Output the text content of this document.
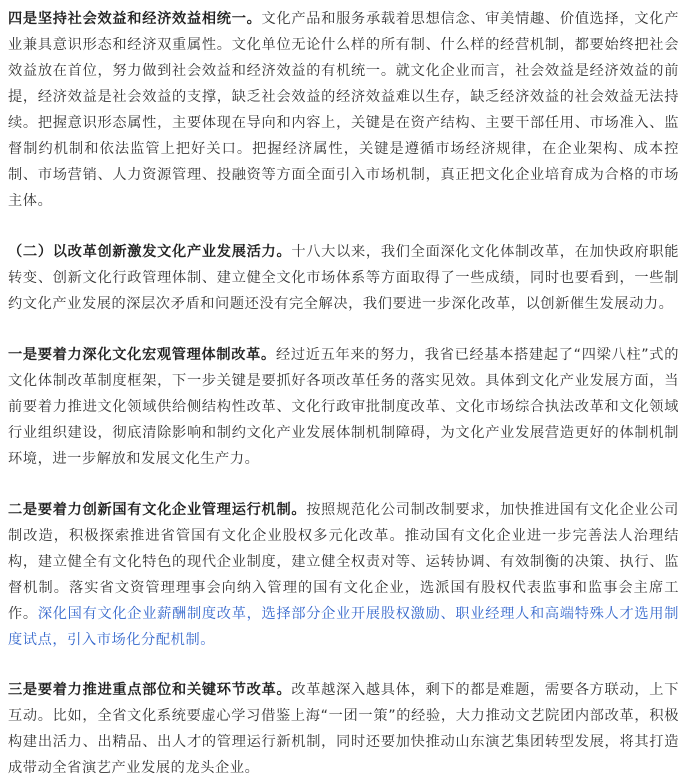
四是坚持社会效益和经济效益相统一。文化产品和服务承载着思想信念、审美情趣、价值选择，文化产业兼具意识形态和经济双重属性。文化单位无论什么样的所有制、什么样的经营机制，都要始终把社会效益放在首位，努力做到社会效益和经济效益的有机统一。就文化企业而言，社会效益是经济效益的前提，经济效益是社会效益的支撑，缺乏社会效益的经济效益难以生存，缺乏经济效益的社会效益无法持续。把握意识形态属性，主要体现在导向和内容上，关键是在资产结构、主要干部任用、市场准入、监督制约机制和依法监管上把好关口。把握经济属性，关键是遵循市场经济规律，在企业架构、成本控制、市场营销、人力资源管理、投融资等方面全面引入市场机制，真正把文化企业培育成为合格的市场主体。

（二）以改革创新激发文化产业发展活力。十八大以来，我们全面深化文化体制改革，在加快政府职能转变、创新文化行政管理体制、建立健全文化市场体系等方面取得了一些成绩，同时也要看到，一些制约文化产业发展的深层次矛盾和问题还没有完全解决，我们要进一步深化改革，以创新催生发展动力。

一是要着力深化文化宏观管理体制改革。经过近五年来的努力，我省已经基本搭建起了“四梁八柱”式的文化体制改革制度框架，下一步关键是要抓好各项改革任务的落实见效。具体到文化产业发展方面，当前要着力推进文化领域供给侧结构性改革、文化行政审批制度改革、文化市场综合执法改革和文化领域行业组织建设，彻底清除影响和制约文化产业发展体制机制障碍，为文化产业发展营造更好的体制机制环境，进一步解放和发展文化生产力。

二是要着力创新国有文化企业管理运行机制。按照规范化公司制改制要求，加快推进国有文化企业公司制改造，积极探索推进省管国有文化企业股权多元化改革。推动国有文化企业进一步完善法人治理结构，建立健全有文化特色的现代企业制度，建立健全权责对等、运转协调、有效制衡的决策、执行、监督机制。落实省文资管理理事会向纳入管理的国有文化企业，选派国有股权代表监事和监事会主席工作。深化国有文化企业薪酬制度改革，选择部分企业开展股权激励、职业经理人和高端特殊人才选用制度试点，引入市场化分配机制。

三是要着力推进重点部位和关键环节改革。改革越深入越具体，剩下的都是难题，需要各方联动，上下互动。比如，全省文化系统要虚心学习借鉴上海“一团一策”的经验，大力推动文艺院团内部改革，积极构建出活力、出精品、出人才的管理运行新机制，同时还要加快推动山东演艺集团转型发展，将其打造成带动全省演艺产业发展的龙头企业。
